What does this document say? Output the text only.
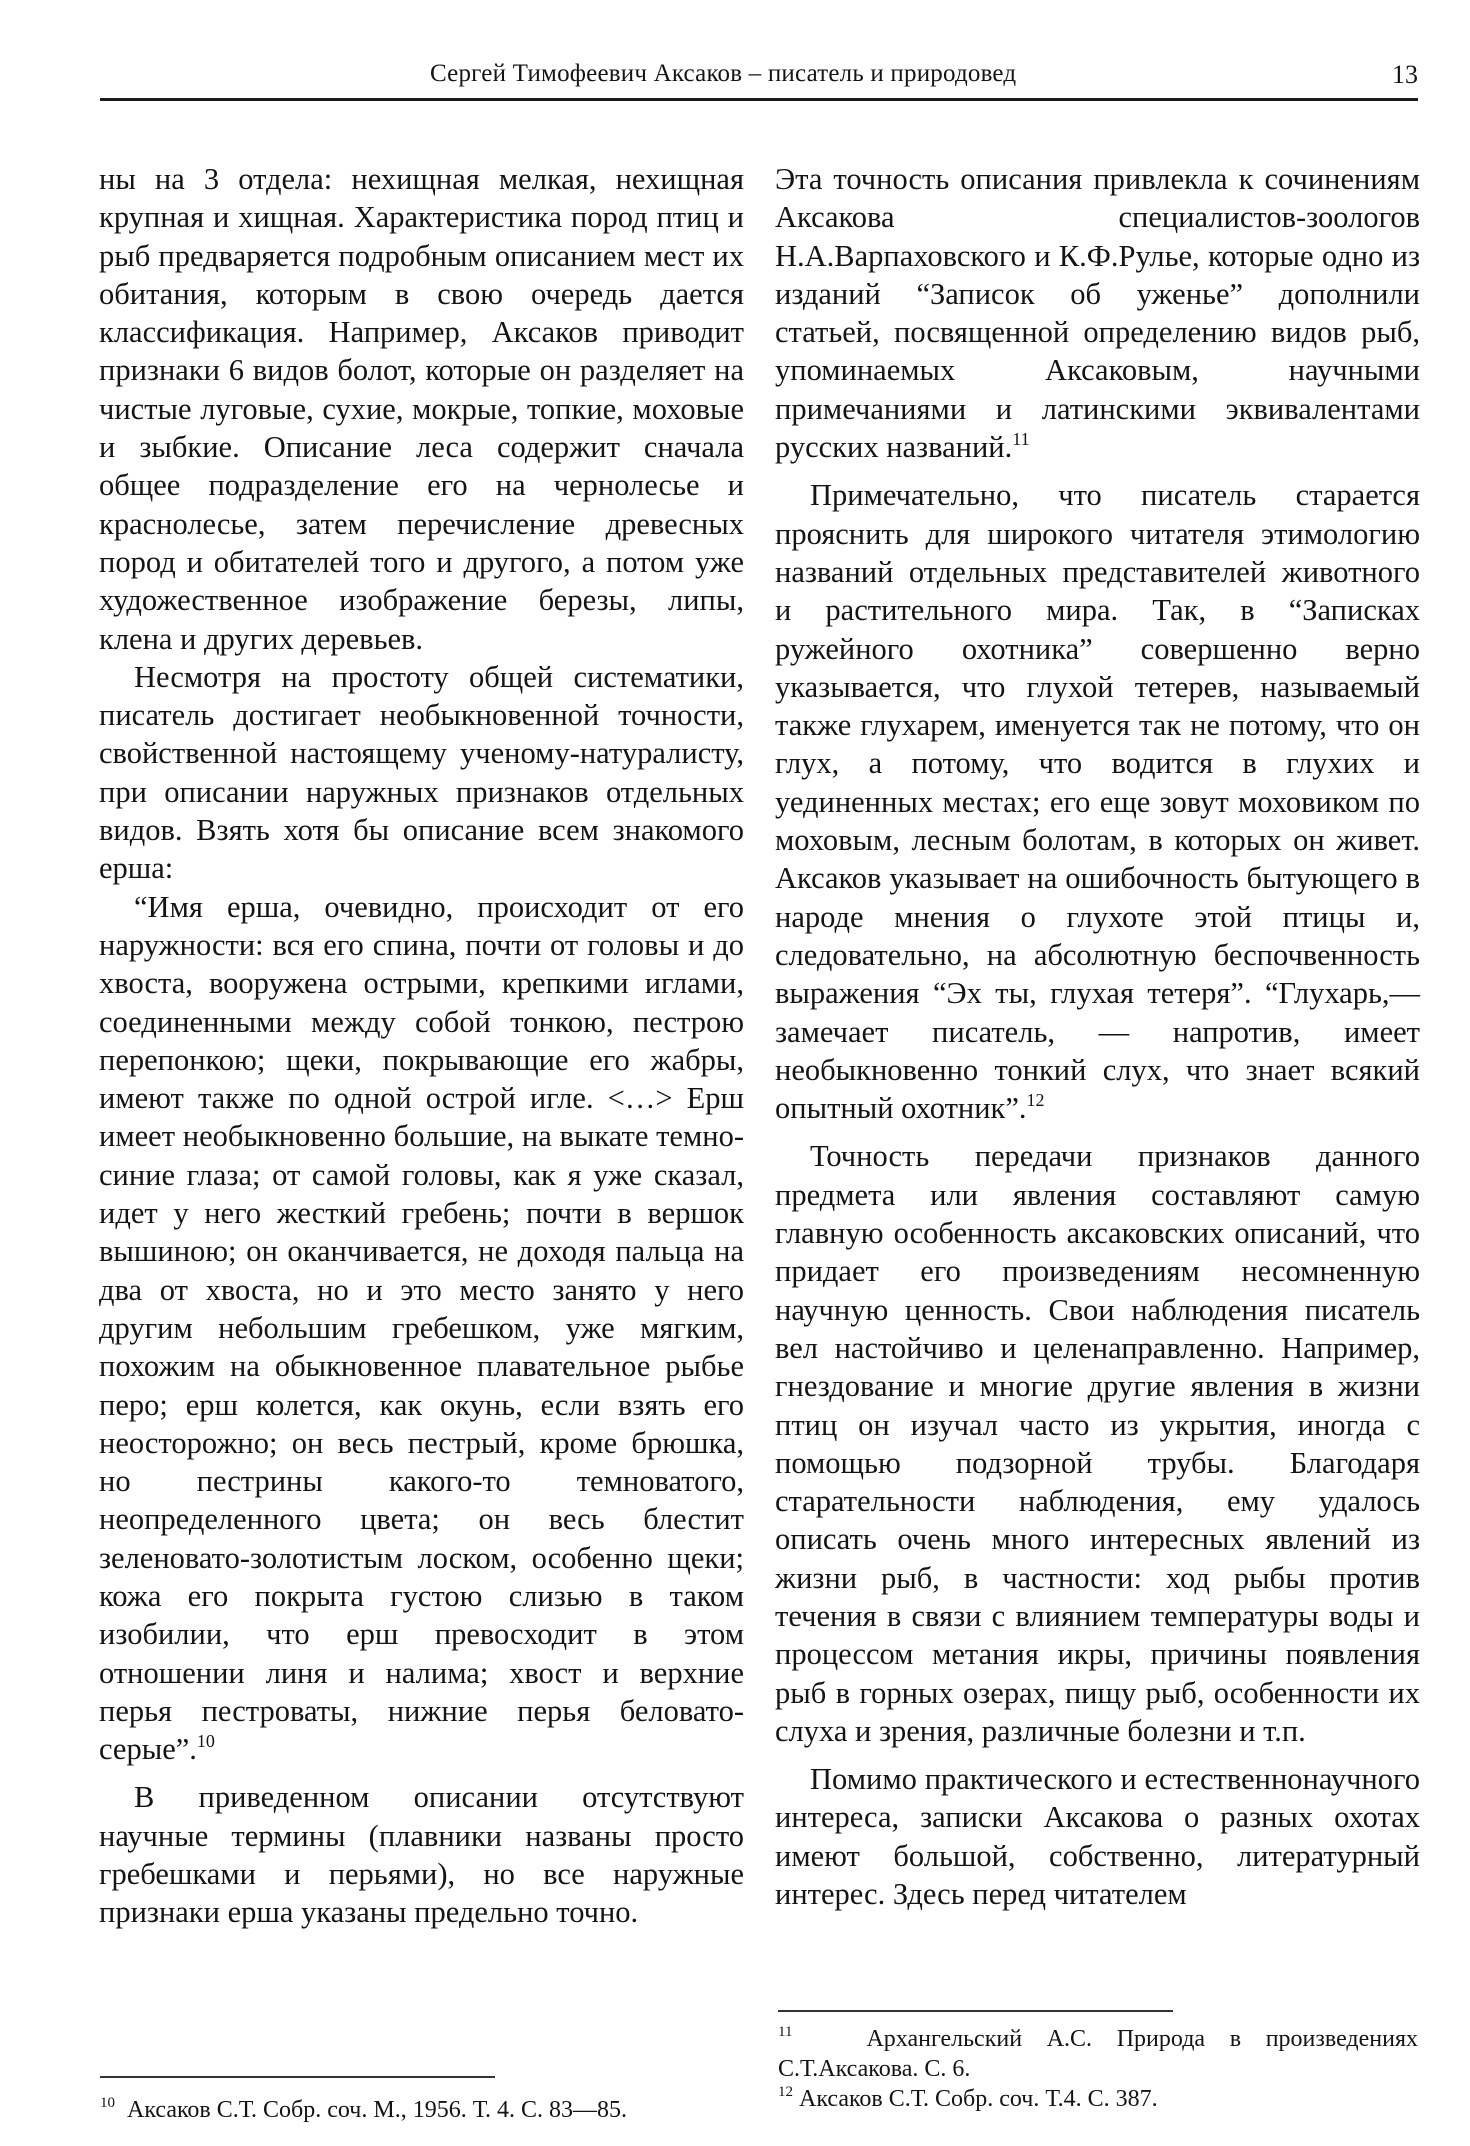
Сергей Тимофеевич Аксаков – писатель и природовед	13

ны на 3 отдела: нехищная мелкая, нехищная крупная и хищная. Характеристика пород птиц и рыб предваряется подробным описанием мест их обитания, которым в свою очередь дается классификация. Например, Аксаков приводит признаки 6 видов болот, которые он разделяет на чистые луговые, сухие, мокрые, топкие, моховые и зыбкие. Описание леса содержит сначала общее подразделение его на чернолесье и краснолесье, затем перечисление древесных пород и обитателей того и другого, а потом уже художественное изображение березы, липы, клена и других деревьев.

Несмотря на простоту общей систематики, писатель достигает необыкновенной точности, свойственной настоящему ученому-натуралисту, при описании наружных признаков отдельных видов. Взять хотя бы описание всем знакомого ерша:

“Имя ерша, очевидно, происходит от его наружности: вся его спина, почти от головы и до хвоста, вооружена острыми, крепкими иглами, соединенными между собой тонкою, пестрою перепонкою; щеки, покрывающие его жабры, имеют также по одной острой игле. <…> Ерш имеет необыкновенно большие, на выкате темно-синие глаза; от самой головы, как я уже сказал, идет у него жесткий гребень; почти в вершок вышиною; он оканчивается, не доходя пальца на два от хвоста, но и это место занято у него другим небольшим гребешком, уже мягким, похожим на обыкновенное плавательное рыбье перо; ерш колется, как окунь, если взять его неосторожно; он весь пестрый, кроме брюшка, но пестрины какого-то темноватого, неопределенного цвета; он весь блестит зеленовато-золотистым лоском, особенно щеки; кожа его покрыта густою слизью в таком изобилии, что ерш превосходит в этом отношении линя и налима; хвост и верхние перья пестроваты, нижние перья беловато-серые”.$^{10}$

В приведенном описании отсутствуют научные термины (плавники названы просто гребешками и перьями), но все наружные признаки ерша указаны предельно точно.

Эта точность описания привлекла к сочинениям Аксакова специалистов-зоологов Н.А.Варпаховского и К.Ф.Рулье, которые одно из изданий “Записок об уженье” дополнили статьей, посвященной определению видов рыб, упоминаемых Аксаковым, научными примечаниями и латинскими эквивалентами русских названий.$^{11}$

Примечательно, что писатель старается прояснить для широкого читателя этимологию названий отдельных представителей животного и растительного мира. Так, в “Записках ружейного охотника” совершенно верно указывается, что глухой тетерев, называемый также глухарем, именуется так не потому, что он глух, а потому, что водится в глухих и уединенных местах; его еще зовут моховиком по моховым, лесным болотам, в которых он живет. Аксаков указывает на ошибочность бытующего в народе мнения о глухоте этой птицы и, следовательно, на абсолютную беспочвенность выражения “Эх ты, глухая тетеря”. “Глухарь,— замечает писатель, — напротив, имеет необыкновенно тонкий слух, что знает всякий опытный охотник”.$^{12}$

Точность передачи признаков данного предмета или явления составляют самую главную особенность аксаковских описаний, что придает его произведениям несомненную научную ценность. Свои наблюдения писатель вел настойчиво и целенаправленно. Например, гнездование и многие другие явления в жизни птиц он изучал часто из укрытия, иногда с помощью подзорной трубы. Благодаря старательности наблюдения, ему удалось описать очень много интересных явлений из жизни рыб, в частности: ход рыбы против течения в связи с влиянием температуры воды и процессом метания икры, причины появления рыб в горных озерах, пищу рыб, особенности их слуха и зрения, различные болезни и т.п.

Помимо практического и естественнонаучного интереса, записки Аксакова о разных охотах имеют большой, собственно, литературный интерес. Здесь перед читателем

$^{10}$ Аксаков С.Т. Собр. соч. М., 1956. Т. 4. С. 83—85.

$^{11}$	Архангельский А.С. Природа в произведениях С.Т.Аксакова. С. 6.

$^{12}$ Аксаков С.Т. Собр. соч. Т.4. С. 387.
